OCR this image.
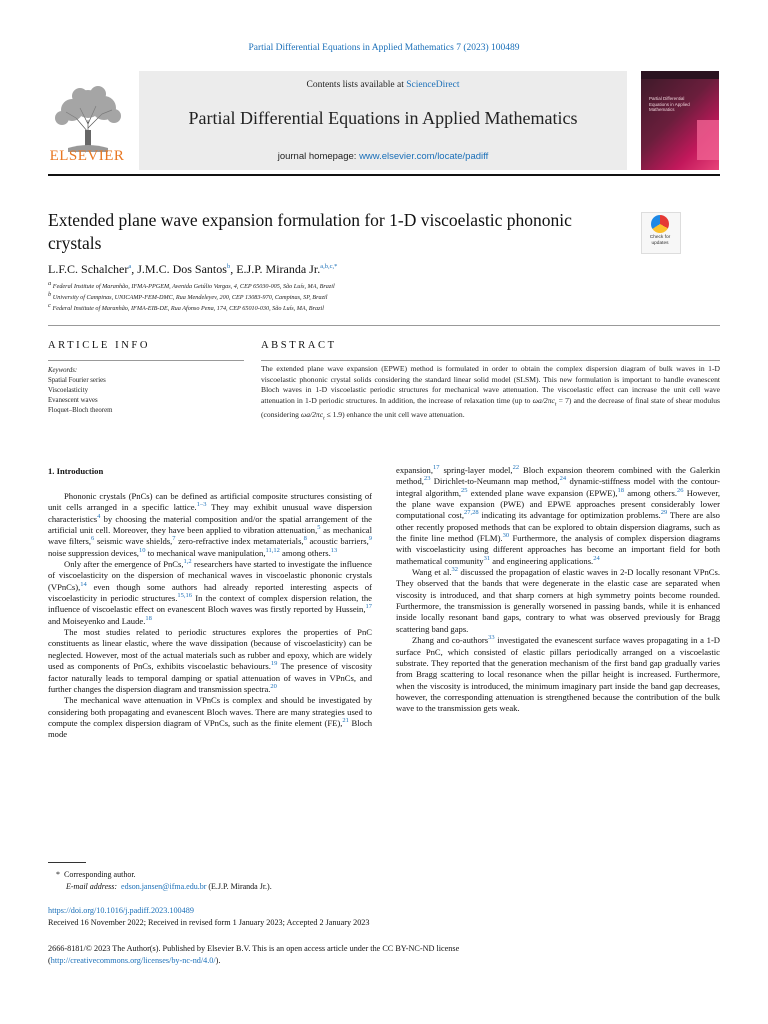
Partial Differential Equations in Applied Mathematics 7 (2023) 100489
ELSEVIER
Contents lists available at ScienceDirect
Partial Differential Equations in Applied Mathematics
journal homepage: www.elsevier.com/locate/padiff
Partial Differential Equations in Applied Mathematics
Extended plane wave expansion formulation for 1-D viscoelastic phononic crystals	Check for updates
L.F.C. Schalcher$^a$, J.M.C. Dos Santos$^b$, E.J.P. Miranda Jr.$^{a,b,c,*}$
$^a$ Federal Institute of Maranhão, IFMA-PPGEM, Avenida Getúlio Vargas, 4, CEP 65030-005, São Luís, MA, Brazil
$^b$ University of Campinas, UNICAMP-FEM-DMC, Rua Mendeleyev, 200, CEP 13083-970, Campinas, SP, Brazil
$^c$ Federal Institute of Maranhão, IFMA-EIB-DE, Rua Afonso Pena, 174, CEP 65010-030, São Luís, MA, Brazil
ARTICLE INFO
Keywords:
Spatial Fourier series
Viscoelasticity
Evanescent waves
Floquet–Bloch theorem
ABSTRACT
The extended plane wave expansion (EPWE) method is formulated in order to obtain the complex dispersion diagram of bulk waves in 1-D viscoelastic phononic crystal solids considering the standard linear solid model (SLSM). This new formulation is important to handle evanescent Bloch waves in 1-D viscoelastic periodic structures for mechanical wave attenuation. The viscoelastic effect can increase the unit cell wave attenuation in 1-D periodic structures. In addition, the increase of relaxation time (up to $\omega a/2\pi c_t = 7$) and the decrease of final state of shear modulus (considering $\omega a/2\pi c_t \le 1.9$) enhance the unit cell wave attenuation.
1. Introduction

Phononic crystals (PnCs) can be defined as artificial composite structures consisting of unit cells arranged in a specific lattice.$^{1-3}$ They may exhibit unusual wave dispersion characteristics$^4$ by choosing the material composition and/or the spatial arrangement of the artificial unit cell. Moreover, they have been applied to vibration attenuation,$^5$ as mechanical wave filters,$^6$ seismic wave shields,$^7$ zero-refractive index metamaterials,$^8$ acoustic barriers,$^9$ noise suppression devices,$^{10}$ to mechanical wave manipulation,$^{11,12}$ among others.$^{13}$

Only after the emergence of PnCs,$^{1,2}$ researchers have started to investigate the influence of viscoelasticity on the dispersion of mechanical waves in viscoelastic phononic crystals (VPnCs),$^{14}$ even though some authors had already reported interesting aspects of viscoelasticity in periodic structures.$^{15,16}$ In the context of complex dispersion relation, the influence of viscoelastic effect on evanescent Bloch waves was firstly reported by Hussein,$^{17}$ and Moiseyenko and Laude.$^{18}$

The most studies related to periodic structures explores the properties of PnC constituents as linear elastic, where the wave dissipation (because of viscoelasticity) can be neglected. However, most of the actual materials such as rubber and epoxy, which are widely used as components of PnCs, exhibits viscoelastic behaviours.$^{19}$ The presence of viscosity factor naturally leads to temporal damping or spatial attenuation of waves in VPnCs, and further changes the dispersion diagram and transmission spectra.$^{20}$

The mechanical wave attenuation in VPnCs is complex and should be investigated by considering both propagating and evanescent Bloch waves. There are many strategies used to compute the complex dispersion diagram of VPnCs, such as the finite element (FE),$^{21}$ Bloch mode

expansion,$^{17}$ spring-layer model,$^{22}$ Bloch expansion theorem combined with the Galerkin method,$^{23}$ Dirichlet-to-Neumann map method,$^{24}$ dynamic-stiffness model with the contour-integral algorithm,$^{25}$ extended plane wave expansion (EPWE),$^{18}$ among others.$^{26}$ However, the plane wave expansion (PWE) and EPWE approaches present considerably lower computational cost,$^{27,28}$ indicating its advantage for optimization problems.$^{29}$ There are also other recently proposed methods that can be explored to obtain dispersion diagrams, such as the finite line method (FLM).$^{30}$ Furthermore, the analysis of complex dispersion diagrams with viscoelasticity using different approaches has become an important field for both mathematical community$^{31}$ and engineering applications.$^{24}$

Wang et al.$^{32}$ discussed the propagation of elastic waves in 2-D locally resonant VPnCs. They observed that the bands that were degenerate in the elastic case are separated when viscosity is introduced, and that sharp corners at high symmetry points become rounded. Furthermore, the transmission is generally worsened in passing bands, while it is enhanced inside locally resonant band gaps, contrary to what was observed previously for Bragg scattering band gaps.

Zhang and co-authors$^{33}$ investigated the evanescent surface waves propagating in a 1-D surface PnC, which consisted of elastic pillars periodically arranged on a viscoelastic substrate. They reported that the generation mechanism of the first band gap gradually varies from Bragg scattering to local resonance when the pillar height is increased. Furthermore, when the viscosity is introduced, the minimum imaginary part inside the band gap decreases, however, the corresponding attenuation is strengthened because the contribution of the bulk wave to the transmission gets weak.

* Corresponding author.
E-mail address: edson.jansen@ifma.edu.br (E.J.P. Miranda Jr.).
https://doi.org/10.1016/j.padiff.2023.100489
Received 16 November 2022; Received in revised form 1 January 2023; Accepted 2 January 2023
2666-8181/© 2023 The Author(s). Published by Elsevier B.V. This is an open access article under the CC BY-NC-ND license
(http://creativecommons.org/licenses/by-nc-nd/4.0/).
